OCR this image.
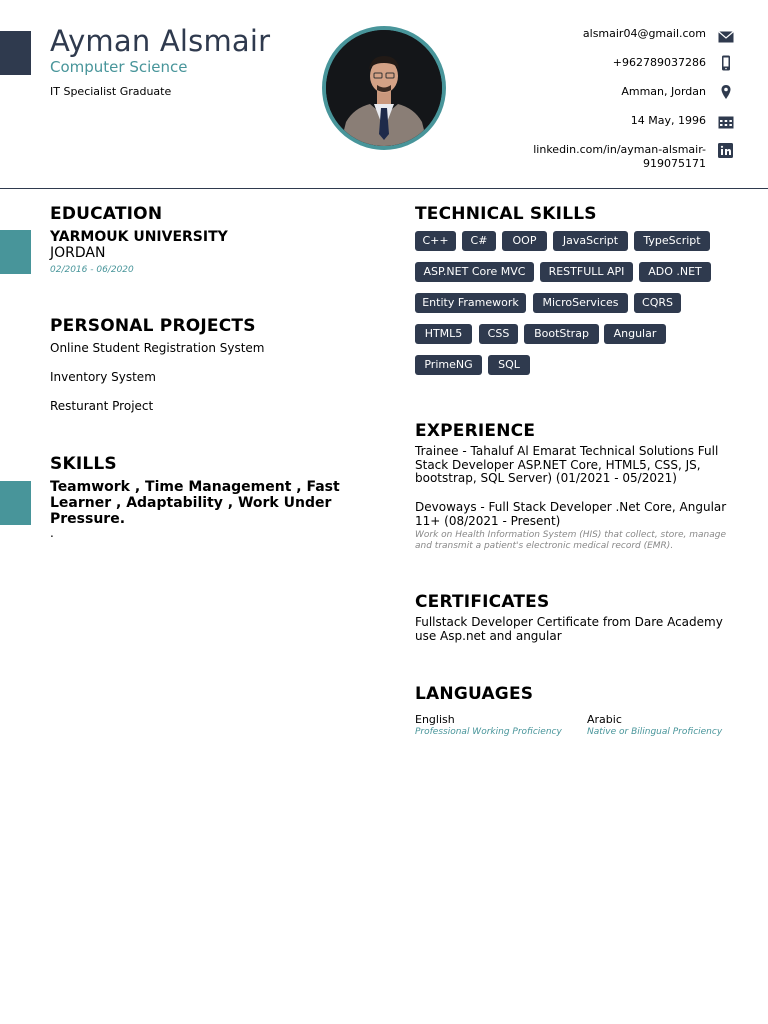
Ayman Alsmair
Computer Science
IT Specialist Graduate
alsmair04@gmail.com
+962789037286
Amman, Jordan
14 May, 1996
linkedin.com/in/ayman-alsmair-
919075171
EDUCATION
YARMOUK UNIVERSITY
JORDAN
02/2016 - 06/2020
PERSONAL PROJECTS
Online Student Registration System
Inventory System
Resturant Project
SKILLS
Teamwork , Time Management , Fast
Learner , Adaptability , Work Under
Pressure.
.
TECHNICAL SKILLS
C++	C#	OOP	JavaScript	TypeScript
ASP.NET Core MVC	RESTFULL API	ADO .NET
Entity Framework	MicroServices	CQRS
HTML5	CSS	BootStrap	Angular
PrimeNG	SQL
EXPERIENCE
Trainee - Tahaluf Al Emarat Technical Solutions Full
Stack Developer ASP.NET Core, HTML5, CSS, JS,
bootstrap, SQL Server) (01/2021 - 05/2021)
Devoways - Full Stack Developer .Net Core, Angular
11+ (08/2021 - Present)
Work on Health Information System (HIS) that collect, store, manage
and transmit a patient's electronic medical record (EMR).
CERTIFICATES
Fullstack Developer Certificate from Dare Academy
use Asp.net and angular
LANGUAGES
English
Professional Working Proficiency
Arabic
Native or Bilingual Proficiency
